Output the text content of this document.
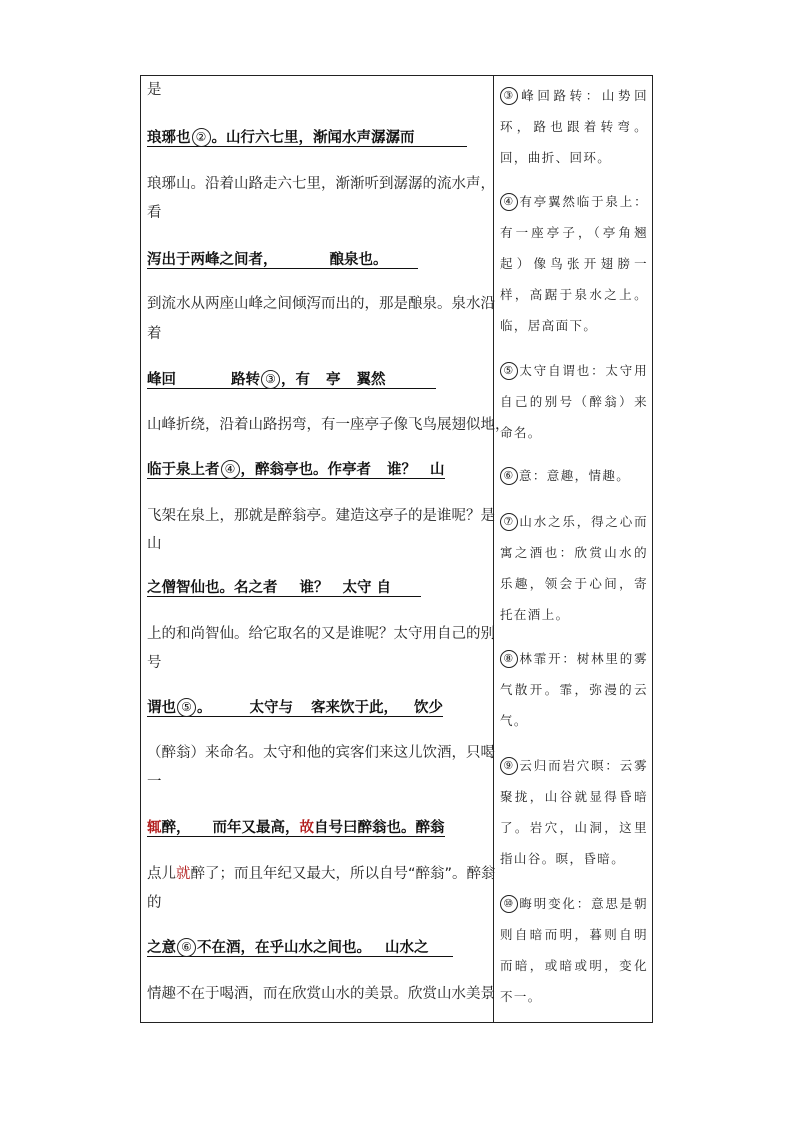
是
琅琊也 ② 。山行六七里，渐闻水声潺潺而
琅琊山。沿着山路走六七里，渐渐听到潺潺的流水声，
看
泻出于两峰之间者，	酿泉也。
到流水从两座山峰之间倾泻而出的，那是酿泉。泉水沿
着
峰回	路转 ③ ，有 亭 翼然
山峰折绕，沿着山路拐弯，有一座亭子像飞鸟展翅似地，
临于泉上者 ④ ，醉翁亭也。作亭者 谁？ 山
飞架在泉上，那就是醉翁亭。建造这亭子的是谁呢？是
山
之僧智仙也。名之者 谁？ 太守 自
上的和尚智仙。给它取名的又是谁呢？太守用自己的别
号
谓也 ⑤ 。	太守与 客来饮于此， 饮少
（醉翁）来命名。太守和他的宾客们来这儿饮酒，只喝
一
辄醉， 而年又最高，故自号曰醉翁也。醉翁
点儿就醉了；而且年纪又最大，所以自号“醉翁”。醉翁
的
之意 ⑥ 不在酒，在乎山水之间也。 山水之
情趣不在于喝酒，而在欣赏山水的美景。欣赏山水美景
③ 峰回路转：山势回环，路也跟着转弯。回，曲折、回环。
④ 有亭翼然临于泉上：有一座亭子，（亭角翘起）像鸟张开翅膀一样，高踞于泉水之上。临，居高面下。
⑤ 太守自谓也：太守用自己的别号（醉翁）来命名。
⑥ 意：意趣，情趣。
⑦ 山水之乐，得之心而寓之酒也：欣赏山水的乐趣，领会于心间，寄托在酒上。
⑧ 林霏开：树林里的雾气散开。霏，弥漫的云气。
⑨ 云归而岩穴暝：云雾聚拢，山谷就显得昏暗了。岩穴，山洞，这里指山谷。暝，昏暗。
⑩ 晦明变化：意思是朝则自暗而明，暮则自明而暗，或暗或明，变化不一。
